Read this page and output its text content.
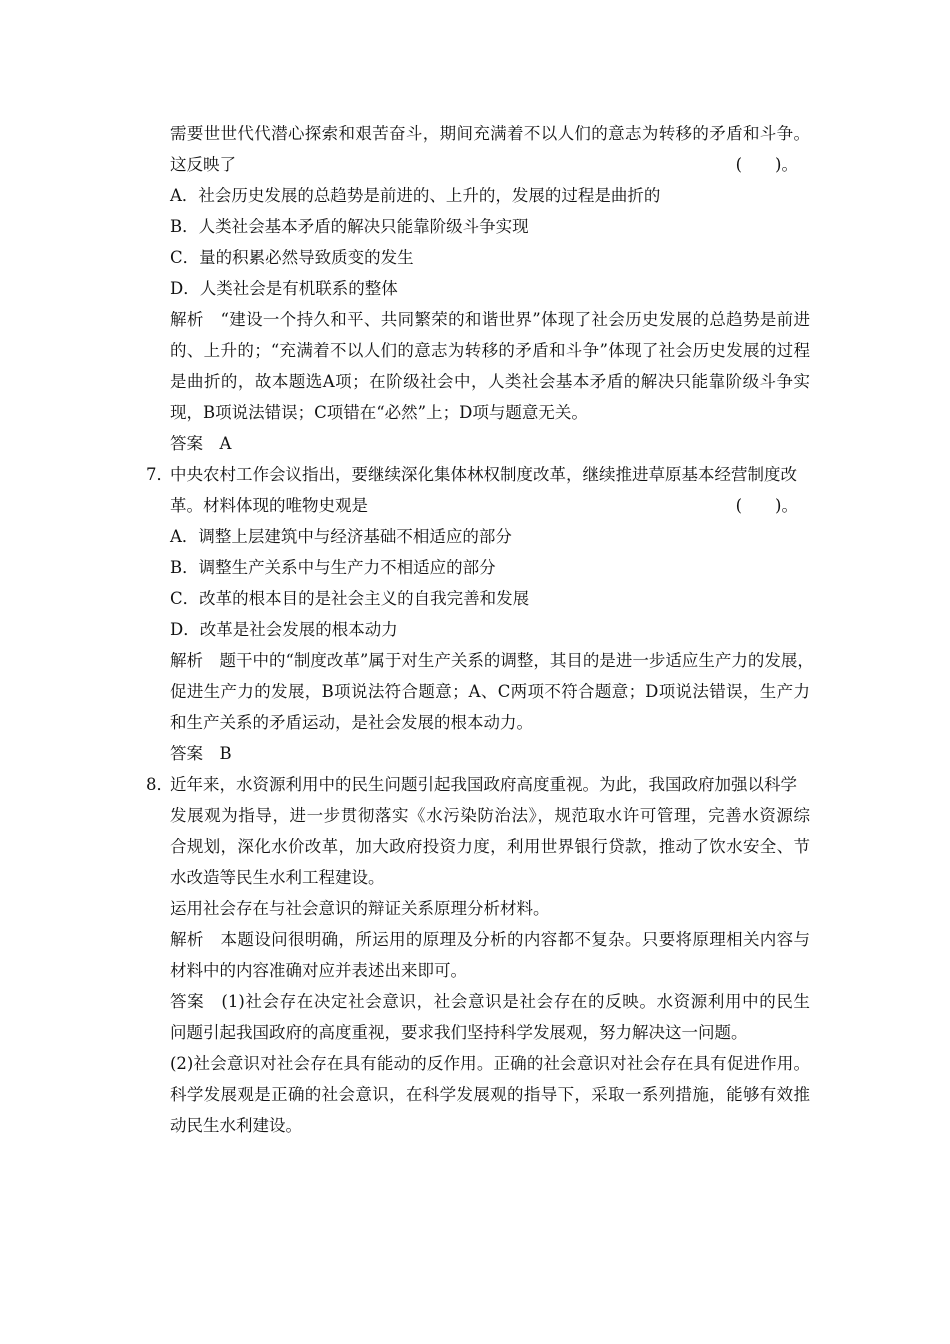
需要世世代代潜心探索和艰苦奋斗，期间充满着不以人们的意志为转移的矛盾和斗争。
这反映了	(　　)。
A．社会历史发展的总趋势是前进的、上升的，发展的过程是曲折的
B．人类社会基本矛盾的解决只能靠阶级斗争实现
C．量的积累必然导致质变的发生
D．人类社会是有机联系的整体
解析　“建设一个持久和平、共同繁荣的和谐世界”体现了社会历史发展的总趋势是前进
的、上升的；“充满着不以人们的意志为转移的矛盾和斗争”体现了社会历史发展的过程
是曲折的，故本题选A项；在阶级社会中，人类社会基本矛盾的解决只能靠阶级斗争实
现，B项说法错误；C项错在“必然”上；D项与题意无关。
答案　A
7．中央农村工作会议指出，要继续深化集体林权制度改革，继续推进草原基本经营制度改
革。材料体现的唯物史观是	(　　)。
A．调整上层建筑中与经济基础不相适应的部分
B．调整生产关系中与生产力不相适应的部分
C．改革的根本目的是社会主义的自我完善和发展
D．改革是社会发展的根本动力
解析　题干中的“制度改革”属于对生产关系的调整，其目的是进一步适应生产力的发展，
促进生产力的发展，B项说法符合题意；A、C两项不符合题意；D项说法错误，生产力
和生产关系的矛盾运动，是社会发展的根本动力。
答案　B
8．近年来，水资源利用中的民生问题引起我国政府高度重视。为此，我国政府加强以科学
发展观为指导，进一步贯彻落实《水污染防治法》，规范取水许可管理，完善水资源综
合规划，深化水价改革，加大政府投资力度，利用世界银行贷款，推动了饮水安全、节
水改造等民生水利工程建设。
运用社会存在与社会意识的辩证关系原理分析材料。
解析　本题设问很明确，所运用的原理及分析的内容都不复杂。只要将原理相关内容与
材料中的内容准确对应并表述出来即可。
答案　(1)社会存在决定社会意识，社会意识是社会存在的反映。水资源利用中的民生
问题引起我国政府的高度重视，要求我们坚持科学发展观，努力解决这一问题。
(2)社会意识对社会存在具有能动的反作用。正确的社会意识对社会存在具有促进作用。
科学发展观是正确的社会意识，在科学发展观的指导下，采取一系列措施，能够有效推
动民生水利建设。
